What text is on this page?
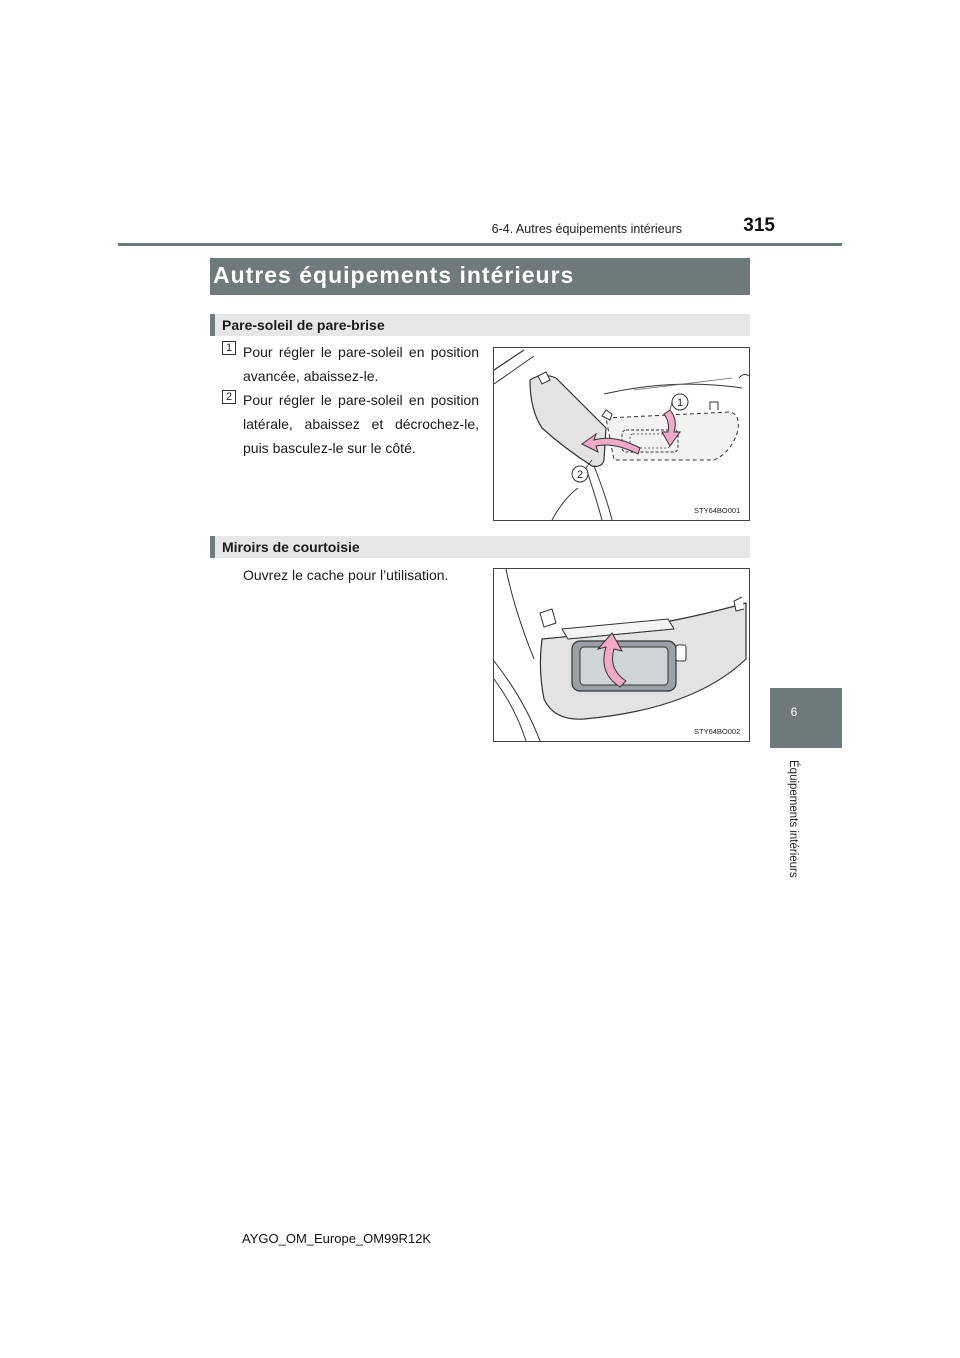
6-4. Autres équipements intérieurs	315
6
Équipements intérieurs
Autres équipements intérieurs
Pare-soleil de pare-brise
1 Pour régler le pare-soleil en position avancée, abaissez-le.
2 Pour régler le pare-soleil en position latérale, abaissez et décrochez-le, puis basculez-le sur le côté.
1
2
STY64BO001
Miroirs de courtoisie
Ouvrez le cache pour l’utilisation.
STY64BO002
AYGO_OM_Europe_OM99R12K
